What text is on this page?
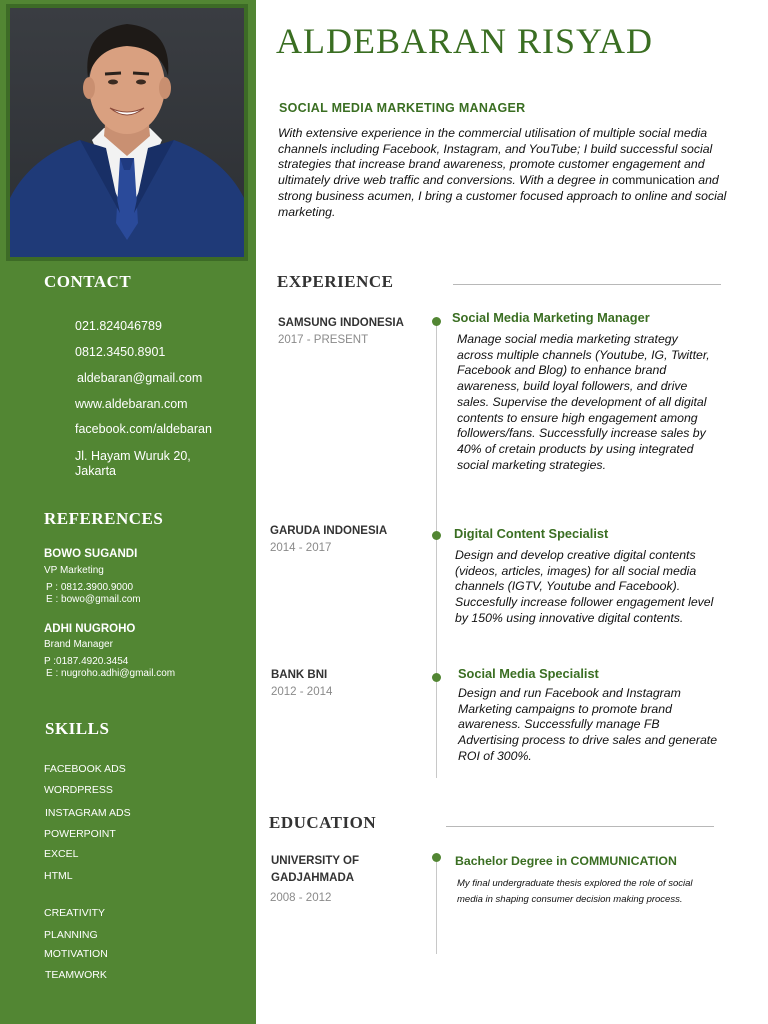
CONTACT
021.824046789
0812.3450.8901
aldebaran@gmail.com
www.aldebaran.com
facebook.com/aldebaran
Jl. Hayam Wuruk 20,
Jakarta
REFERENCES
BOWO SUGANDI
VP Marketing
P : 0812.3900.9000
E : bowo@gmail.com
ADHI NUGROHO
Brand Manager
P :0187.4920.3454
E : nugroho.adhi@gmail.com
SKILLS
FACEBOOK ADS
WORDPRESS
INSTAGRAM ADS
POWERPOINT
EXCEL
HTML
CREATIVITY
PLANNING
MOTIVATION
TEAMWORK
ALDEBARAN RISYAD
SOCIAL MEDIA MARKETING MANAGER
With extensive experience in the commercial utilisation of multiple social media channels including Facebook, Instagram, and YouTube; I build successful social strategies that increase brand awareness, promote customer engagement and ultimately drive web traffic and conversions. With a degree in communication and strong business acumen, I bring a customer focused approach to online and social marketing.
EXPERIENCE
SAMSUNG INDONESIA
2017 - PRESENT
Social Media Marketing Manager
Manage social media marketing strategy
across multiple channels (Youtube, IG, Twitter,
Facebook and Blog) to enhance brand
awareness, build loyal followers, and drive
sales. Supervise the development of all digital
contents to ensure high engagement among
followers/fans. Successfully increase sales by
40% of cretain products by using integrated
social marketing strategies.
GARUDA INDONESIA
2014 - 2017
Digital Content Specialist
Design and develop creative digital contents
(videos, articles, images) for all social media
channels (IGTV, Youtube and Facebook).
Succesfully increase follower engagement level
by 150% using innovative digital contents.
BANK BNI
2012 - 2014
Social Media Specialist
Design and run Facebook and Instagram
Marketing campaigns to promote brand
awareness. Successfully manage FB
Advertising process to drive sales and generate
ROI of 300%.
EDUCATION
UNIVERSITY OF
GADJAHMADA
2008 - 2012
Bachelor Degree in COMMUNICATION
My final undergraduate thesis explored the role of social
media in shaping consumer decision making process.
